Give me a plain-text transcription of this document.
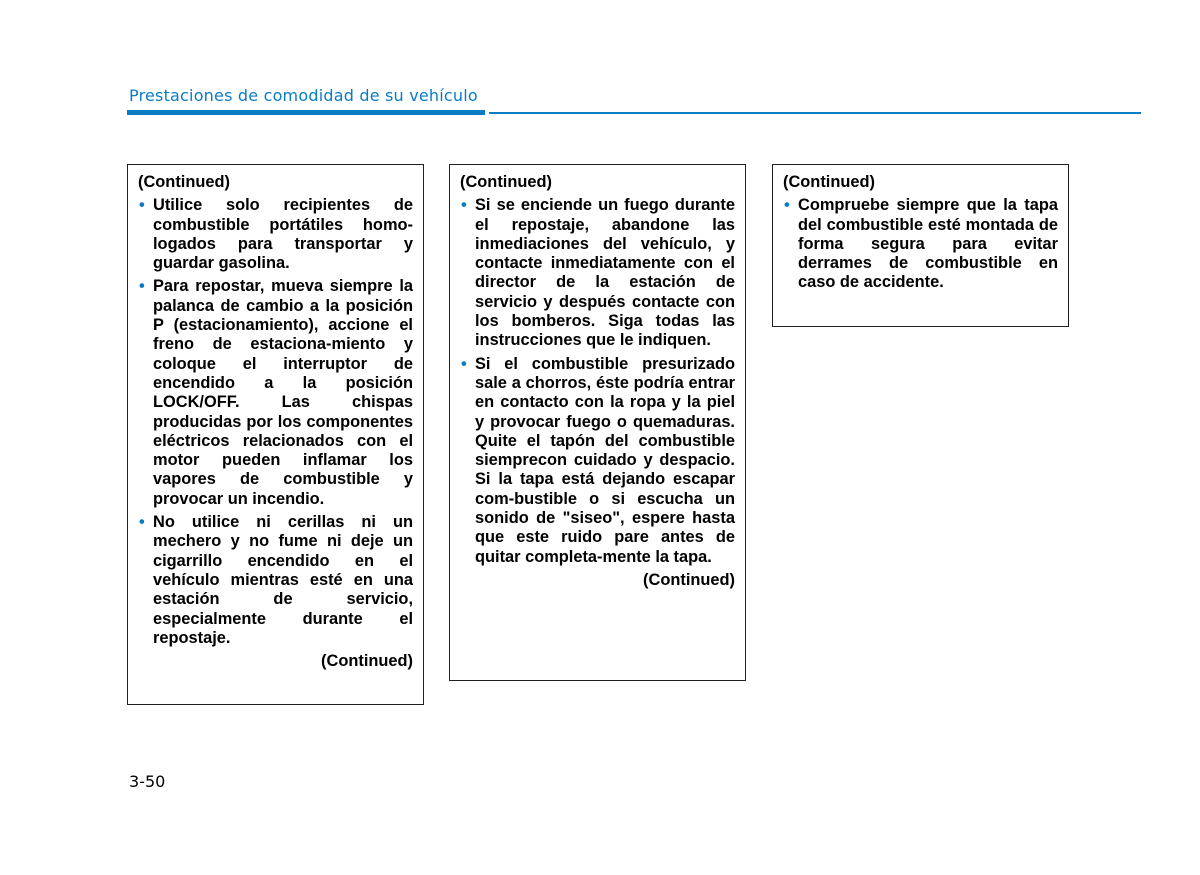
Prestaciones de comodidad de su vehículo
(Continued)
• Utilice solo recipientes de combustible portátiles homo-logados para transportar y guardar gasolina.
• Para repostar, mueva siempre la palanca de cambio a la posición P (estacionamiento), accione el freno de estaciona-miento y coloque el interruptor de encendido a la posición LOCK/OFF. Las chispas producidas por los componentes eléctricos relacionados con el motor pueden inflamar los vapores de combustible y provocar un incendio.
• No utilice ni cerillas ni un mechero y no fume ni deje un cigarrillo encendido en el vehículo mientras esté en una estación de servicio, especialmente durante el repostaje.
(Continued)
(Continued)
• Si se enciende un fuego durante el repostaje, abandone las inmediaciones del vehículo, y contacte inmediatamente con el director de la estación de servicio y después contacte con los bomberos. Siga todas las instrucciones que le indiquen.
• Si el combustible presurizado sale a chorros, éste podría entrar en contacto con la ropa y la piel y provocar fuego o quemaduras. Quite el tapón del combustible siemprecon cuidado y despacio. Si la tapa está dejando escapar com-bustible o si escucha un sonido de "siseo", espere hasta que este ruido pare antes de quitar completa-mente la tapa.
(Continued)
(Continued)
• Compruebe siempre que la tapa del combustible esté montada de forma segura para evitar derrames de combustible en caso de accidente.
3-50
